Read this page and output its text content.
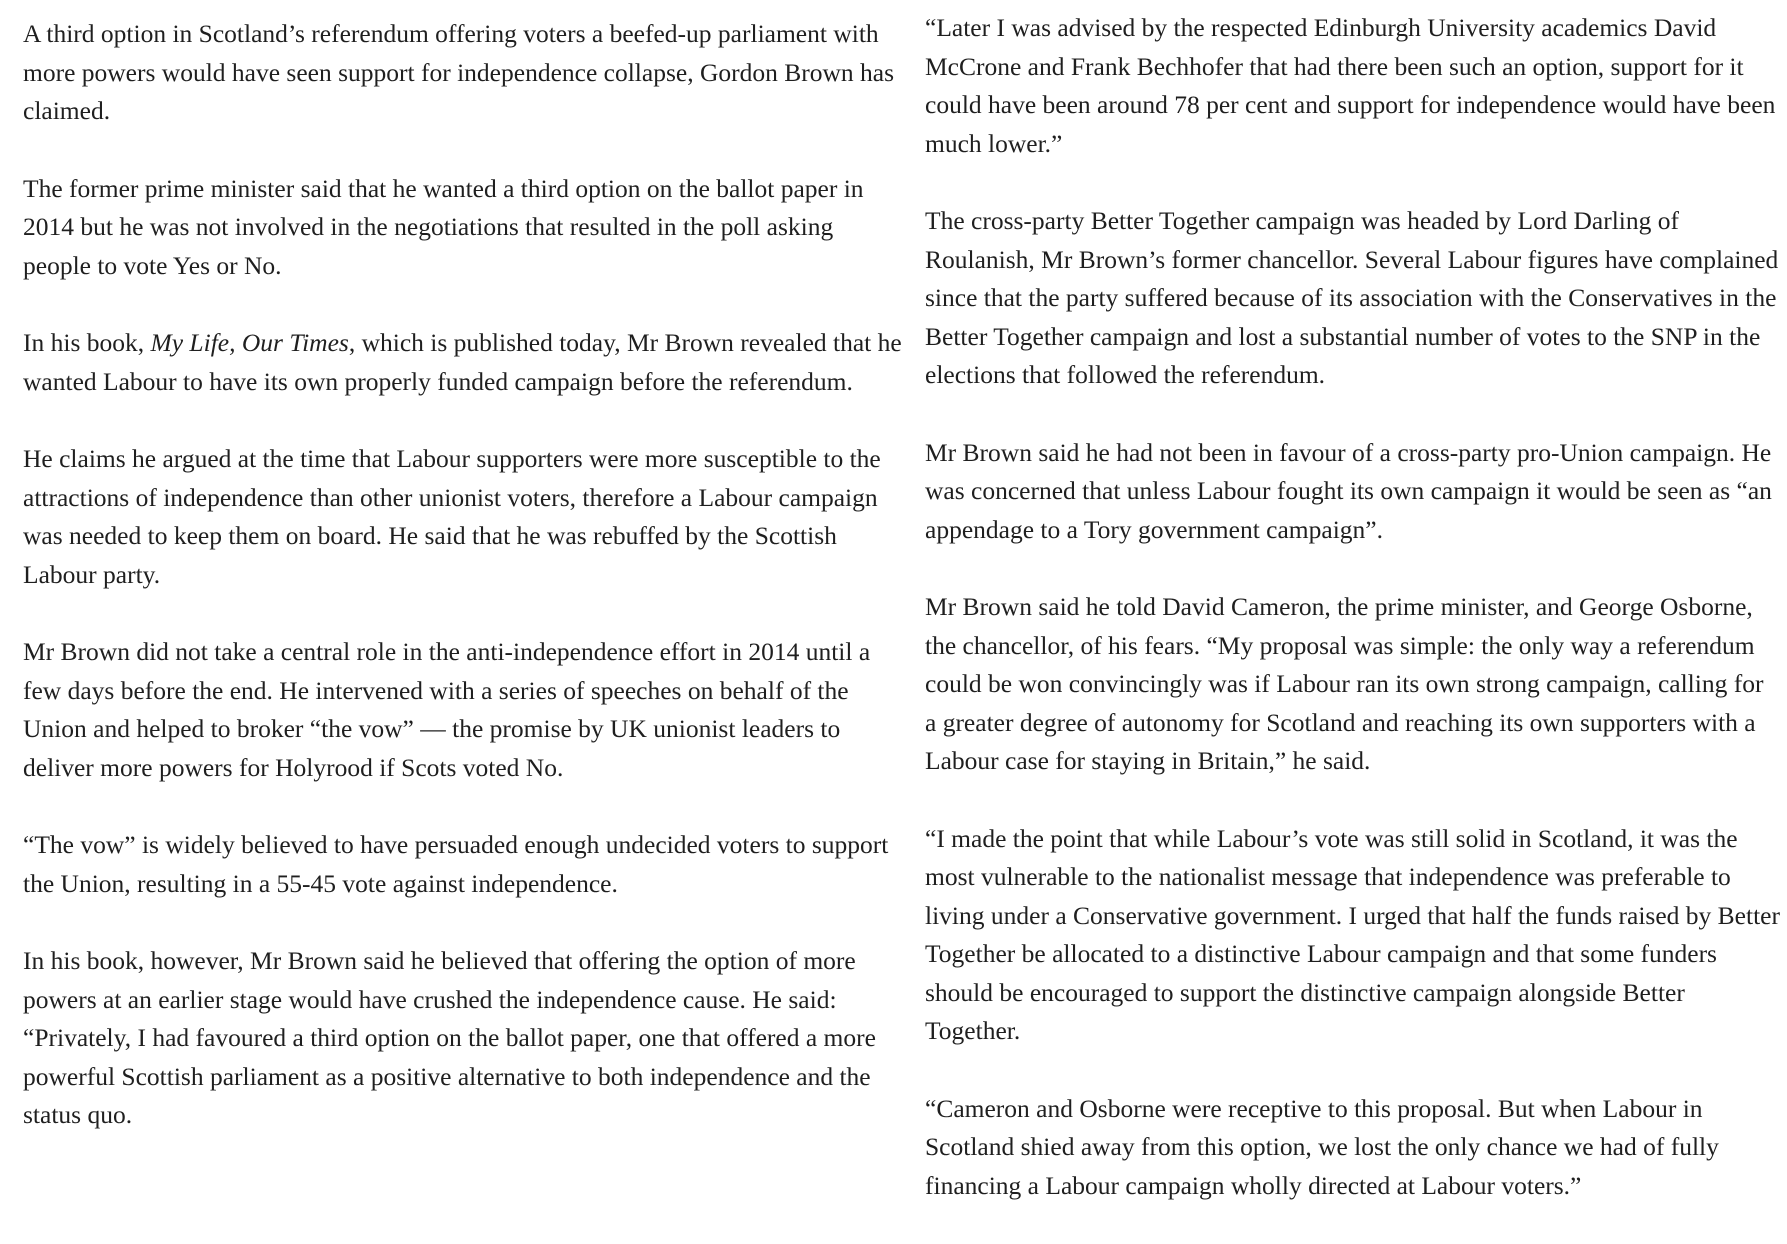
A third option in Scotland’s referendum offering voters a beefed-up parliament with more powers would have seen support for independence collapse, Gordon Brown has claimed.

The former prime minister said that he wanted a third option on the ballot paper in 2014 but he was not involved in the negotiations that resulted in the poll asking people to vote Yes or No.

In his book, My Life, Our Times, which is published today, Mr Brown revealed that he wanted Labour to have its own properly funded campaign before the referendum.

He claims he argued at the time that Labour supporters were more susceptible to the attractions of independence than other unionist voters, therefore a Labour campaign was needed to keep them on board. He said that he was rebuffed by the Scottish Labour party.

Mr Brown did not take a central role in the anti-independence effort in 2014 until a few days before the end. He intervened with a series of speeches on behalf of the Union and helped to broker “the vow” — the promise by UK unionist leaders to deliver more powers for Holyrood if Scots voted No.

“The vow” is widely believed to have persuaded enough undecided voters to support the Union, resulting in a 55-45 vote against independence.

In his book, however, Mr Brown said he believed that offering the option of more powers at an earlier stage would have crushed the independence cause. He said: “Privately, I had favoured a third option on the ballot paper, one that offered a more powerful Scottish parliament as a positive alternative to both independence and the status quo.

“Later I was advised by the respected Edinburgh University academics David McCrone and Frank Bechhofer that had there been such an option, support for it could have been around 78 per cent and support for independence would have been much lower.”

The cross-party Better Together campaign was headed by Lord Darling of Roulanish, Mr Brown’s former chancellor. Several Labour figures have complained since that the party suffered because of its association with the Conservatives in the Better Together campaign and lost a substantial number of votes to the SNP in the elections that followed the referendum.

Mr Brown said he had not been in favour of a cross-party pro-Union campaign. He was concerned that unless Labour fought its own campaign it would be seen as “an appendage to a Tory government campaign”.

Mr Brown said he told David Cameron, the prime minister, and George Osborne, the chancellor, of his fears. “My proposal was simple: the only way a referendum could be won convincingly was if Labour ran its own strong campaign, calling for a greater degree of autonomy for Scotland and reaching its own supporters with a Labour case for staying in Britain,” he said.

“I made the point that while Labour’s vote was still solid in Scotland, it was the most vulnerable to the nationalist message that independence was preferable to living under a Conservative government. I urged that half the funds raised by Better Together be allocated to a distinctive Labour campaign and that some funders should be encouraged to support the distinctive campaign alongside Better Together.

“Cameron and Osborne were receptive to this proposal. But when Labour in Scotland shied away from this option, we lost the only chance we had of fully financing a Labour campaign wholly directed at Labour voters.”
